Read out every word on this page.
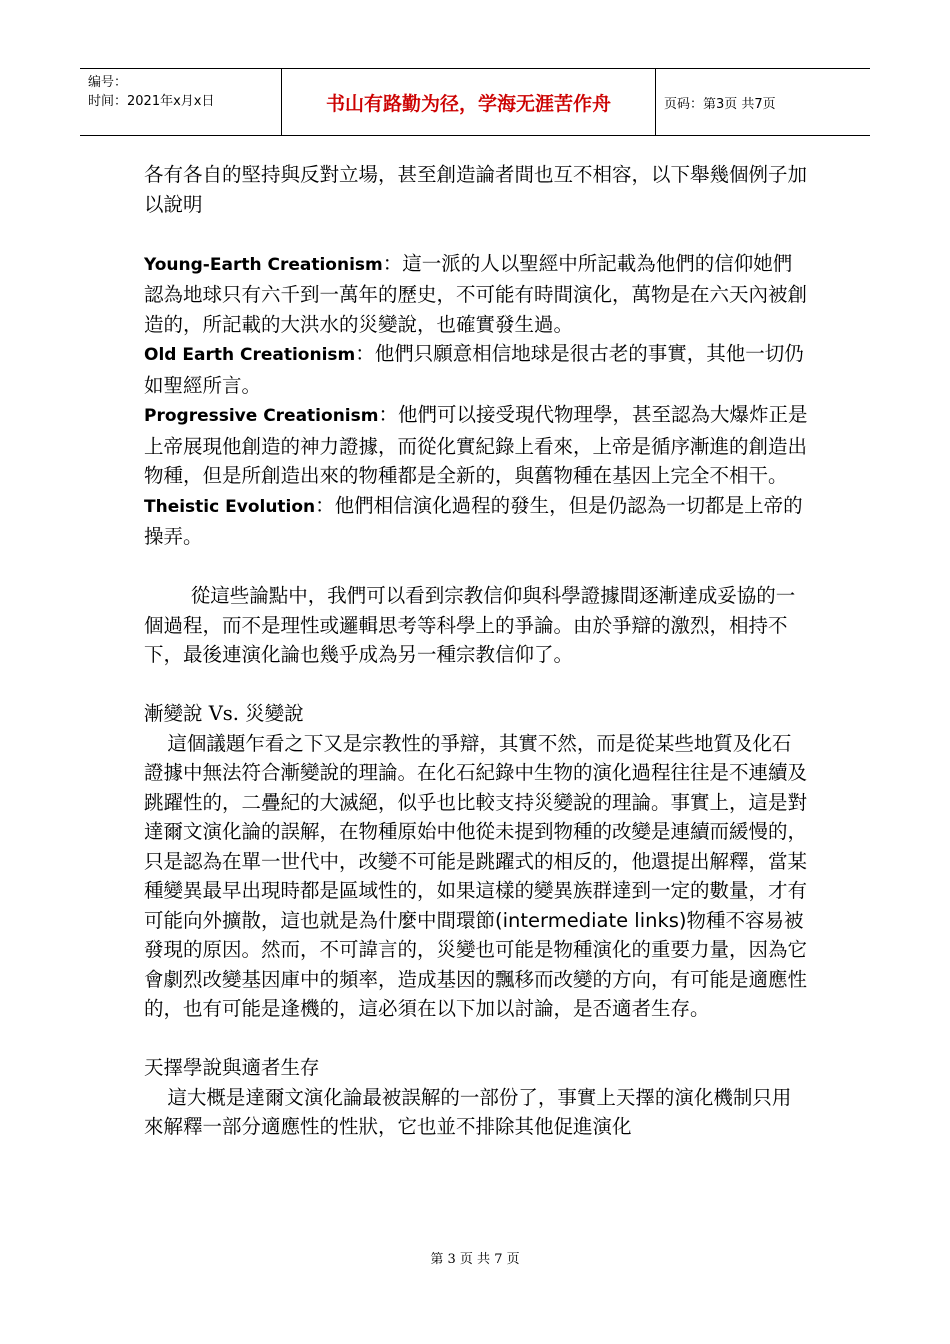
编号：
时间：2021年x月x日	书山有路勤为径，学海无涯苦作舟	页码：第3页 共7页

各有各自的堅持與反對立場，甚至創造論者間也互不相容，以下舉幾個例子加以說明

Young-Earth Creationism：這一派的人以聖經中所記載為他們的信仰她們認為地球只有六千到一萬年的歷史，不可能有時間演化，萬物是在六天內被創造的，所記載的大洪水的災變說，也確實發生過。

Old Earth Creationism：他們只願意相信地球是很古老的事實，其他一切仍如聖經所言。

Progressive Creationism：他們可以接受現代物理學，甚至認為大爆炸正是上帝展現他創造的神力證據，而從化實紀錄上看來，上帝是循序漸進的創造出物種，但是所創造出來的物種都是全新的，與舊物種在基因上完全不相干。

Theistic Evolution：他們相信演化過程的發生，但是仍認為一切都是上帝的操弄。

從這些論點中，我們可以看到宗教信仰與科學證據間逐漸達成妥協的一個過程，而不是理性或邏輯思考等科學上的爭論。由於爭辯的激烈，相持不下，最後連演化論也幾乎成為另一種宗教信仰了。

漸變說 Vs. 災變說

這個議題乍看之下又是宗教性的爭辯，其實不然，而是從某些地質及化石證據中無法符合漸變說的理論。在化石紀錄中生物的演化過程往往是不連續及跳躍性的，二疊紀的大滅絕，似乎也比較支持災變說的理論。事實上，這是對達爾文演化論的誤解，在物種原始中他從未提到物種的改變是連續而緩慢的，只是認為在單一世代中，改變不可能是跳躍式的相反的，他還提出解釋，當某種變異最早出現時都是區域性的，如果這樣的變異族群達到一定的數量，才有可能向外擴散，這也就是為什麼中間環節(intermediate links)物種不容易被發現的原因。然而，不可諱言的，災變也可能是物種演化的重要力量，因為它會劇烈改變基因庫中的頻率，造成基因的飄移而改變的方向，有可能是適應性的，也有可能是逢機的，這必須在以下加以討論，是否適者生存。

天擇學說與適者生存

這大概是達爾文演化論最被誤解的一部份了，事實上天擇的演化機制只用來解釋一部分適應性的性狀，它也並不排除其他促進演化

第 3 页 共 7 页
